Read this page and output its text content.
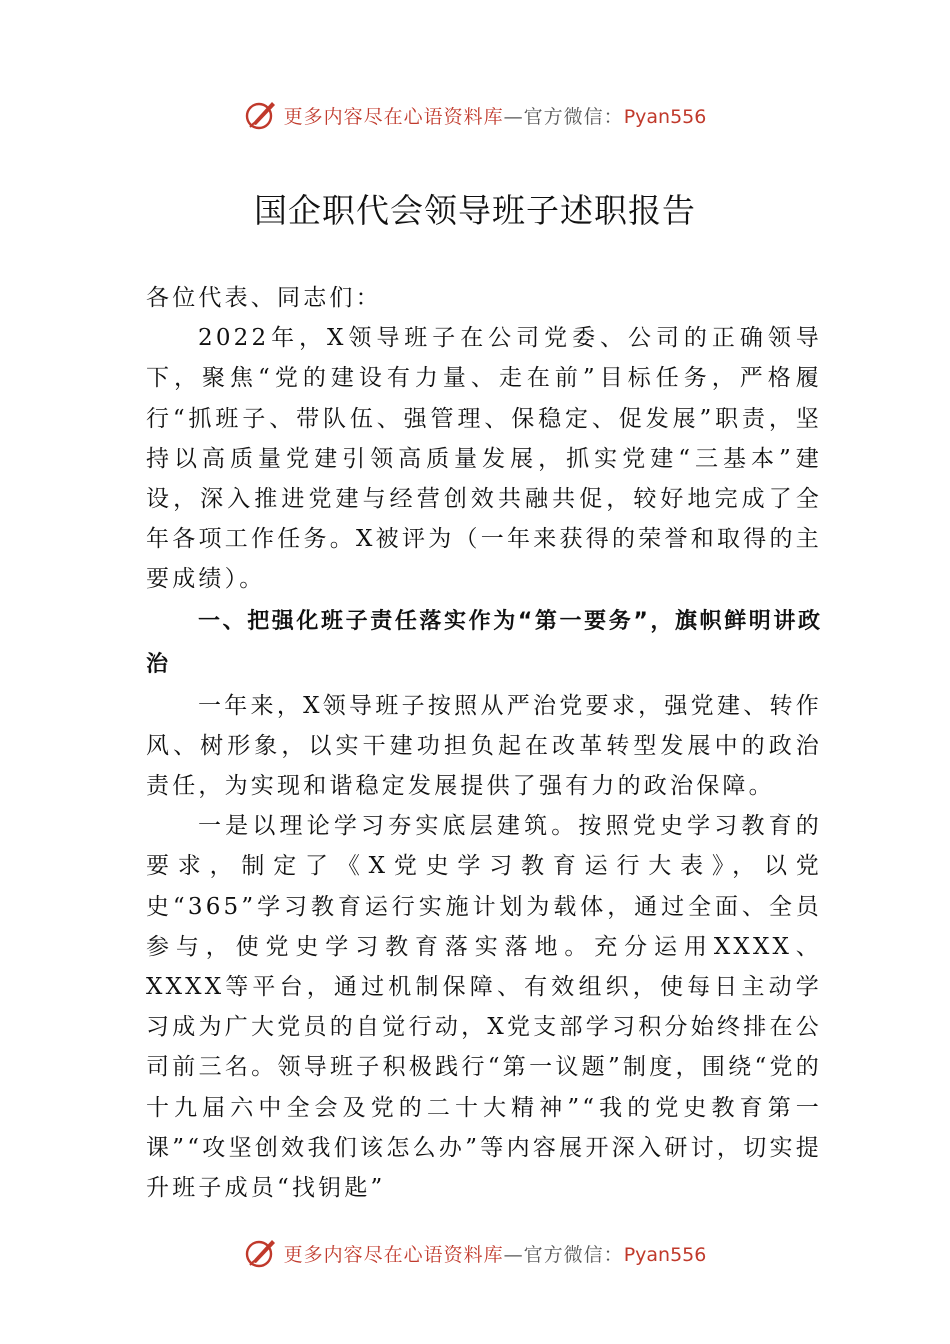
更多内容尽在心语资料库—官方微信：Pyan556
国企职代会领导班子述职报告

各位代表、同志们：

2022年，X领导班子在公司党委、公司的正确领导下，聚焦“党的建设有力量、走在前”目标任务，严格履行“抓班子、带队伍、强管理、保稳定、促发展”职责，坚持以高质量党建引领高质量发展，抓实党建“三基本”建设，深入推进党建与经营创效共融共促，较好地完成了全年各项工作任务。X被评为（一年来获得的荣誉和取得的主要成绩）。

一、把强化班子责任落实作为“第一要务”，旗帜鲜明讲政治

一年来，X领导班子按照从严治党要求，强党建、转作风、树形象，以实干建功担负起在改革转型发展中的政治责任，为实现和谐稳定发展提供了强有力的政治保障。

一是以理论学习夯实底层建筑。按照党史学习教育的要求，制定了《X党史学习教育运行大表》，以党史“365”学习教育运行实施计划为载体，通过全面、全员参与，使党史学习教育落实落地。充分运用XXXX、XXXX等平台，通过机制保障、有效组织，使每日主动学习成为广大党员的自觉行动，X党支部学习积分始终排在公司前三名。领导班子积极践行“第一议题”制度，围绕“党的十九届六中全会及党的二十大精神”“我的党史教育第一课”“攻坚创效我们该怎么办”等内容展开深入研讨，切实提升班子成员“找钥匙”

更多内容尽在心语资料库—官方微信：Pyan556
